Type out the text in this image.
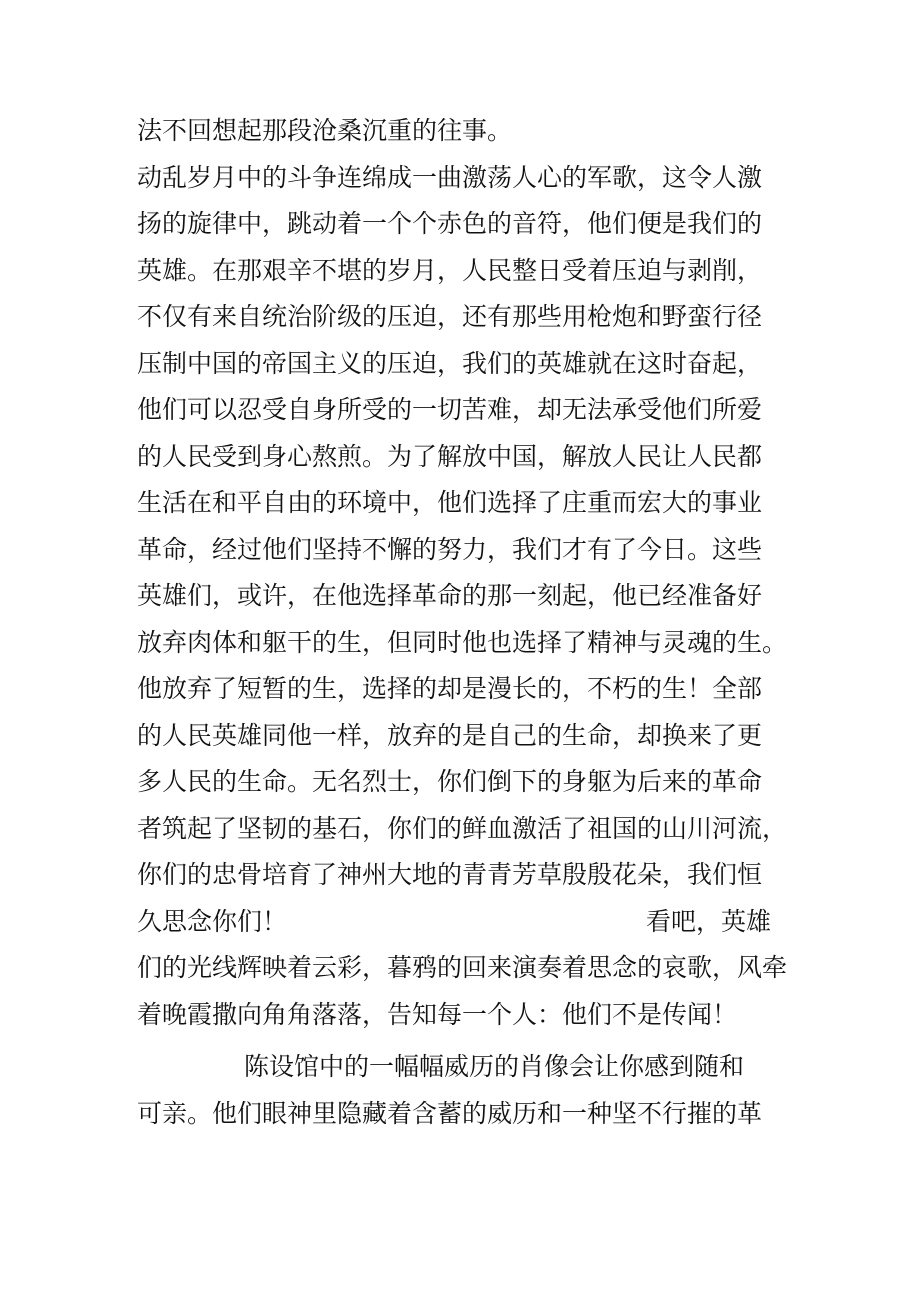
法不回想起那段沧桑沉重的往事。
动乱岁月中的斗争连绵成一曲激荡人心的军歌，这令人激
扬的旋律中，跳动着一个个赤色的音符，他们便是我们的
英雄。在那艰辛不堪的岁月，人民整日受着压迫与剥削，
不仅有来自统治阶级的压迫，还有那些用枪炮和野蛮行径
压制中国的帝国主义的压迫，我们的英雄就在这时奋起，
他们可以忍受自身所受的一切苦难，却无法承受他们所爱
的人民受到身心熬煎。为了解放中国，解放人民让人民都
生活在和平自由的环境中，他们选择了庄重而宏大的事业
革命，经过他们坚持不懈的努力，我们才有了今日。这些
英雄们，或许，在他选择革命的那一刻起，他已经准备好
放弃肉体和躯干的生，但同时他也选择了精神与灵魂的生。
他放弃了短暂的生，选择的却是漫长的，不朽的生！全部
的人民英雄同他一样，放弃的是自己的生命，却换来了更
多人民的生命。无名烈士，你们倒下的身躯为后来的革命
者筑起了坚韧的基石，你们的鲜血激活了祖国的山川河流，
你们的忠骨培育了神州大地的青青芳草殷殷花朵，我们恒
久思念你们！	看吧，英雄
们的光线辉映着云彩，暮鸦的回来演奏着思念的哀歌，风牵
着晚霞撒向角角落落，告知每一个人：他们不是传闻！
陈设馆中的一幅幅威历的肖像会让你感到随和
可亲。他们眼神里隐藏着含蓄的威历和一种坚不行摧的革
